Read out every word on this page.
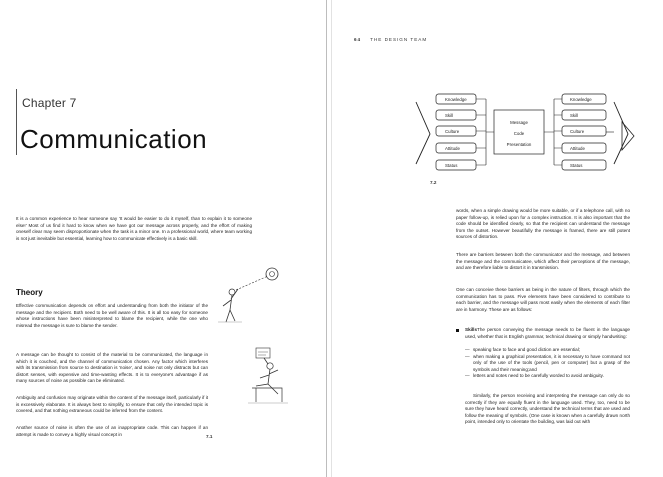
Chapter 7
Communication

It is a common experience to hear someone say 'It would be easier to do it myself, than to explain it to someone else!' Most of us find it hard to know when we have got our message across properly, and the effort of making oneself clear may seem disproportionate when the task is a minor one. In a professional world, where team working is not just inevitable but essential, learning how to communicate effectively is a basic skill.

Theory

Effective communication depends on effort and understanding from both the initiator of the message and the recipient. Both need to be well aware of this. It is all too easy for someone whose instructions have been misinterpreted to blame the recipient, while the one who misread the message is sure to blame the sender.

A message can be thought to consist of the material to be communicated, the language in which it is couched, and the channel of communication chosen. Any factor which interferes with its transmission from source to destination is 'noise', and noise not only distracts but can distort senses, with expensive and time-wasting effects. It is to everyone's advantage if as many sources of noise as possible can be eliminated.

Ambiguity and confusion may originate within the content of the message itself, particularly if it is excessively elaborate. It is always best to simplify, to ensure that only the intended topic is covered, and that nothing extraneous could be inferred from the content.

Another source of noise is often the use of an inappropriate code. This can happen if an attempt is made to convey a highly visual concept in	7.1
64 THE DESIGN TEAM
Knowledge
Skill
Culture
Attitude
Status
Message
Code
Presentation
Knowledge
Skill
Culture
Attitude
Status
7.2

words, when a simple drawing would be more suitable, or if a telephone call, with no paper follow-up, is relied upon for a complex instruction. It is also important that the code should be identified clearly, so that the recipient can understand the message from the outset. However beautifully the message is framed, there are still potent sources of distortion.

There are barriers between both the communicator and the message, and between the message and the communicatee, which affect their perceptions of the message, and are therefore liable to distort it in transmission.

One can conceive these barriers as being in the nature of filters, through which the communication has to pass. Five elements have been considered to contribute to each barrier, and the message will pass most easily when the elements of each filter are in harmony. These are as follows:

SkillsThe person conveying the message needs to be fluent in the language used, whether that is English grammar, technical drawing or simply handwriting:

— speaking face to face and good diction are essential;
— when making a graphical presentation, it is necessary to have command not only of the use of the tools (pencil, pen or computer) but a grasp of the symbols and their meaning;and
— letters and notes need to be carefully worded to avoid ambiguity.

Similarly, the person receiving and interpreting the message can only do so correctly if they are equally fluent in the language used. They, too, need to be sure they have heard correctly, understand the technical terms that are used and follow the meaning of symbols. (One case is known when a carefully drawn north point, intended only to orientate the building, was laid out with
